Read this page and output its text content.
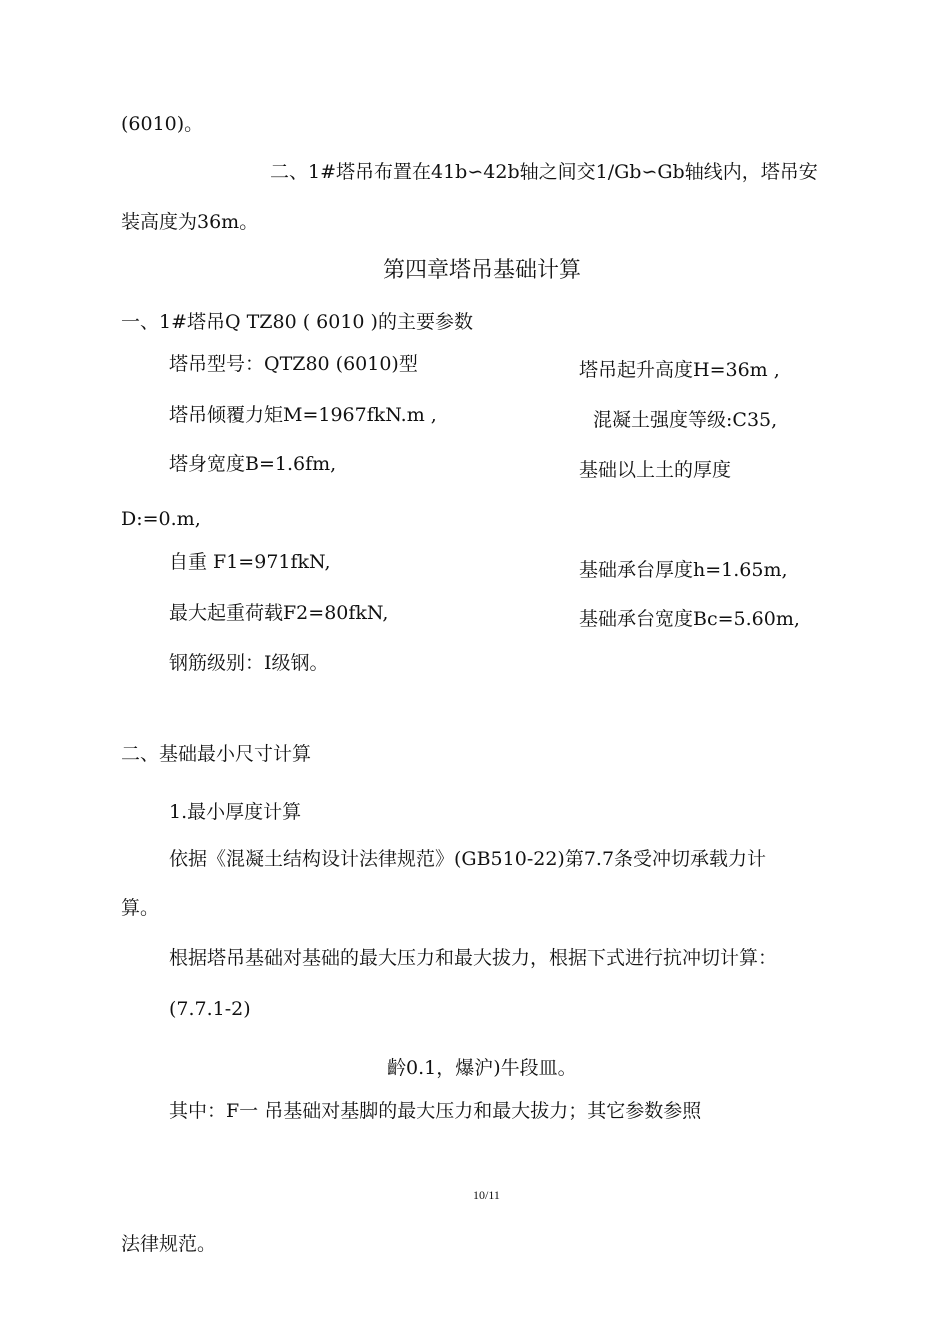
(6010)。
二、1#塔吊布置在41b∽42b轴之间交1/Gb∽Gb轴线内，塔吊安
装高度为36m。
第四章塔吊基础计算
一、1#塔吊Q TZ80 ( 6010 )的主要参数
塔吊型号：QTZ80 (6010)型	塔吊起升高度H=36m ,
塔吊倾覆力矩M=1967fkN.m ,	混凝土强度等级:C35,
塔身宽度B=1.6fm,	基础以上土的厚度
D:=0.m,
自重 F1=971fkN,	基础承台厚度h=1.65m,
最大起重荷载F2=80fkN,	基础承台宽度Bc=5.60m,
钢筋级别：I级钢。
二、基础最小尺寸计算
1.最小厚度计算
依据《混凝土结构设计法律规范》(GB510-22)第7.7条受冲切承载力计
算。
根据塔吊基础对基础的最大压力和最大拔力，根据下式进行抗冲切计算：
(7.7.1-2)
䶖0.1，爆沪)牛段皿。
其中：F一 吊基础对基脚的最大压力和最大拔力；其它参数参照
10/11
法律规范。
